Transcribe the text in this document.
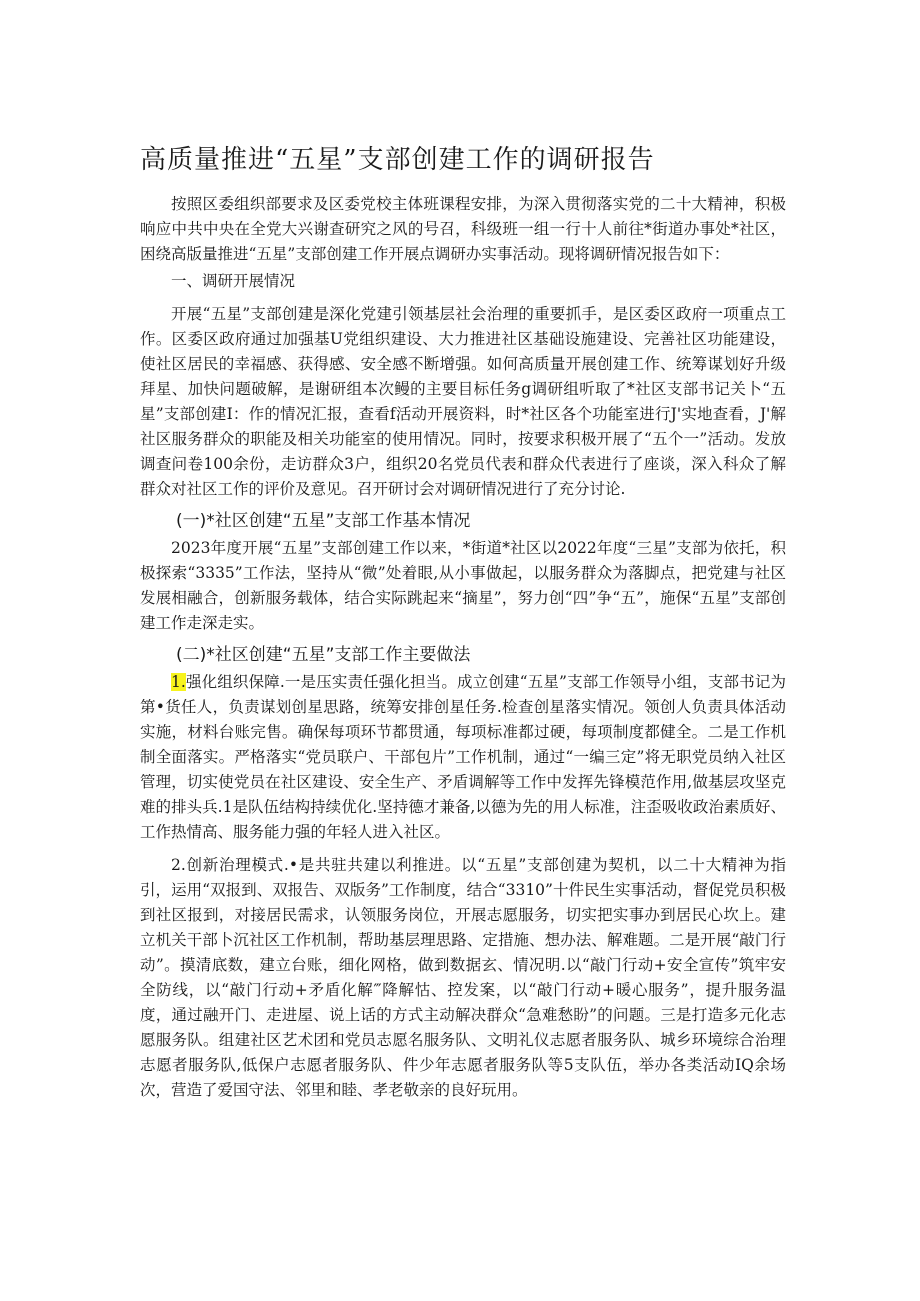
高质量推进“五星”支部创建工作的调研报告

按照区委组织部要求及区委党校主体班课程安排，为深入贯彻落实党的二十大精神，积极响应中共中央在全党大兴谢查研究之风的号召，科级班一组一行十人前往*街道办事处*社区，困绕高版量推进“五星”支部创建工作开展点调研办实事活动。现将调研情况报告如下：

一、调研开展情况

开展“五星”支部创建是深化党建引领基层社会治理的重要抓手，是区委区政府一项重点工作。区委区政府通过加强基U党组织建设、大力推进社区基础设施建设、完善社区功能建设，使社区居民的幸福感、获得感、安全感不断增强。如何高质量开展创建工作、统筹谋划好升级拜星、加快问题破解，是谢研组本次鳗的主要目标任务g调研组听取了*社区支部书记关卜“五星”支部创建I：作的情况汇报，查看f活动开展资料，时*社区各个功能室进行J'实地查看，J'解社区服务群众的职能及相关功能室的使用情况。同时，按要求积极开展了“五个一”活动。发放调查问卷100余份，走访群众3户，组织20名党员代表和群众代表进行了座谈，深入科众了解群众对社区工作的评价及意见。召开研讨会对调研情况进行了充分讨论.

(一)*社区创建“五星”支部工作基本情况

2023年度开展“五星”支部创建工作以来，*街道*社区以2022年度“三星”支部为依托，积极探索“3335”工作法，坚持从“微”处着眼,从小事做起，以服务群众为落脚点，把党建与社区发展相融合，创新服务载体，结合实际跳起来“摘星”，努力创“四”争“五”，施保“五星”支部创建工作走深走实。

(二)*社区创建“五星”支部工作主要做法

1.强化组织保障.一是压实责任强化担当。成立创建“五星”支部工作领导小组，支部书记为第•货任人，负责谋划创星思路，统筹安排创星任务.检查创星落实情况。领创人负责具体活动实施，材料台账完售。确保每项环节都贯通，每项标准都过硬，每项制度都健全。二是工作机制全面落实。严格落实“党员联户、干部包片”工作机制，通过“一编三定”将无职党员纳入社区管理，切实使党员在社区建设、安全生产、矛盾调解等工作中发挥先锋模范作用,做基层攻坚克难的排头兵.1是队伍结构持续优化.坚持德才兼备,以德为先的用人标准，注歪吸收政治素质好、工作热情高、服务能力强的年轻人进入社区。

2.创新治理模式.•是共驻共建以利推进。以“五星”支部创建为契机，以二十大精神为指引，运用“双报到、双报告、双版务”工作制度，结合“3310”十件民生实事活动，督促党员积极到社区报到，对接居民需求，认领服务岗位，开展志愿服务，切实把实事办到居民心坎上。建立机关干部卜沉社区工作机制，帮助基层理思路、定措施、想办法、解难题。二是开展“敲门行动”。摸清底数，建立台账，细化网格，做到数据玄、情况明.以“敲门行动+安全宣传”筑牢安全防线，以“敲门行动+矛盾化解‴降解怙、控发案，以“敲门行动+暖心服务”，提升服务温度，通过融开门、走进屋、说上话的方式主动解决群众“急难愁盼”的问题。三是打造多元化志愿服务队。组建社区艺术团和党员志愿名服务队、文明礼仪志愿者服务队、城乡环境综合治理志愿者服务队,低保户志愿者服务队、件少年志愿者服务队等5支队伍，举办各类活动IQ余场次，营造了爱国守法、邻里和睦、孝老敬亲的良好玩用。
